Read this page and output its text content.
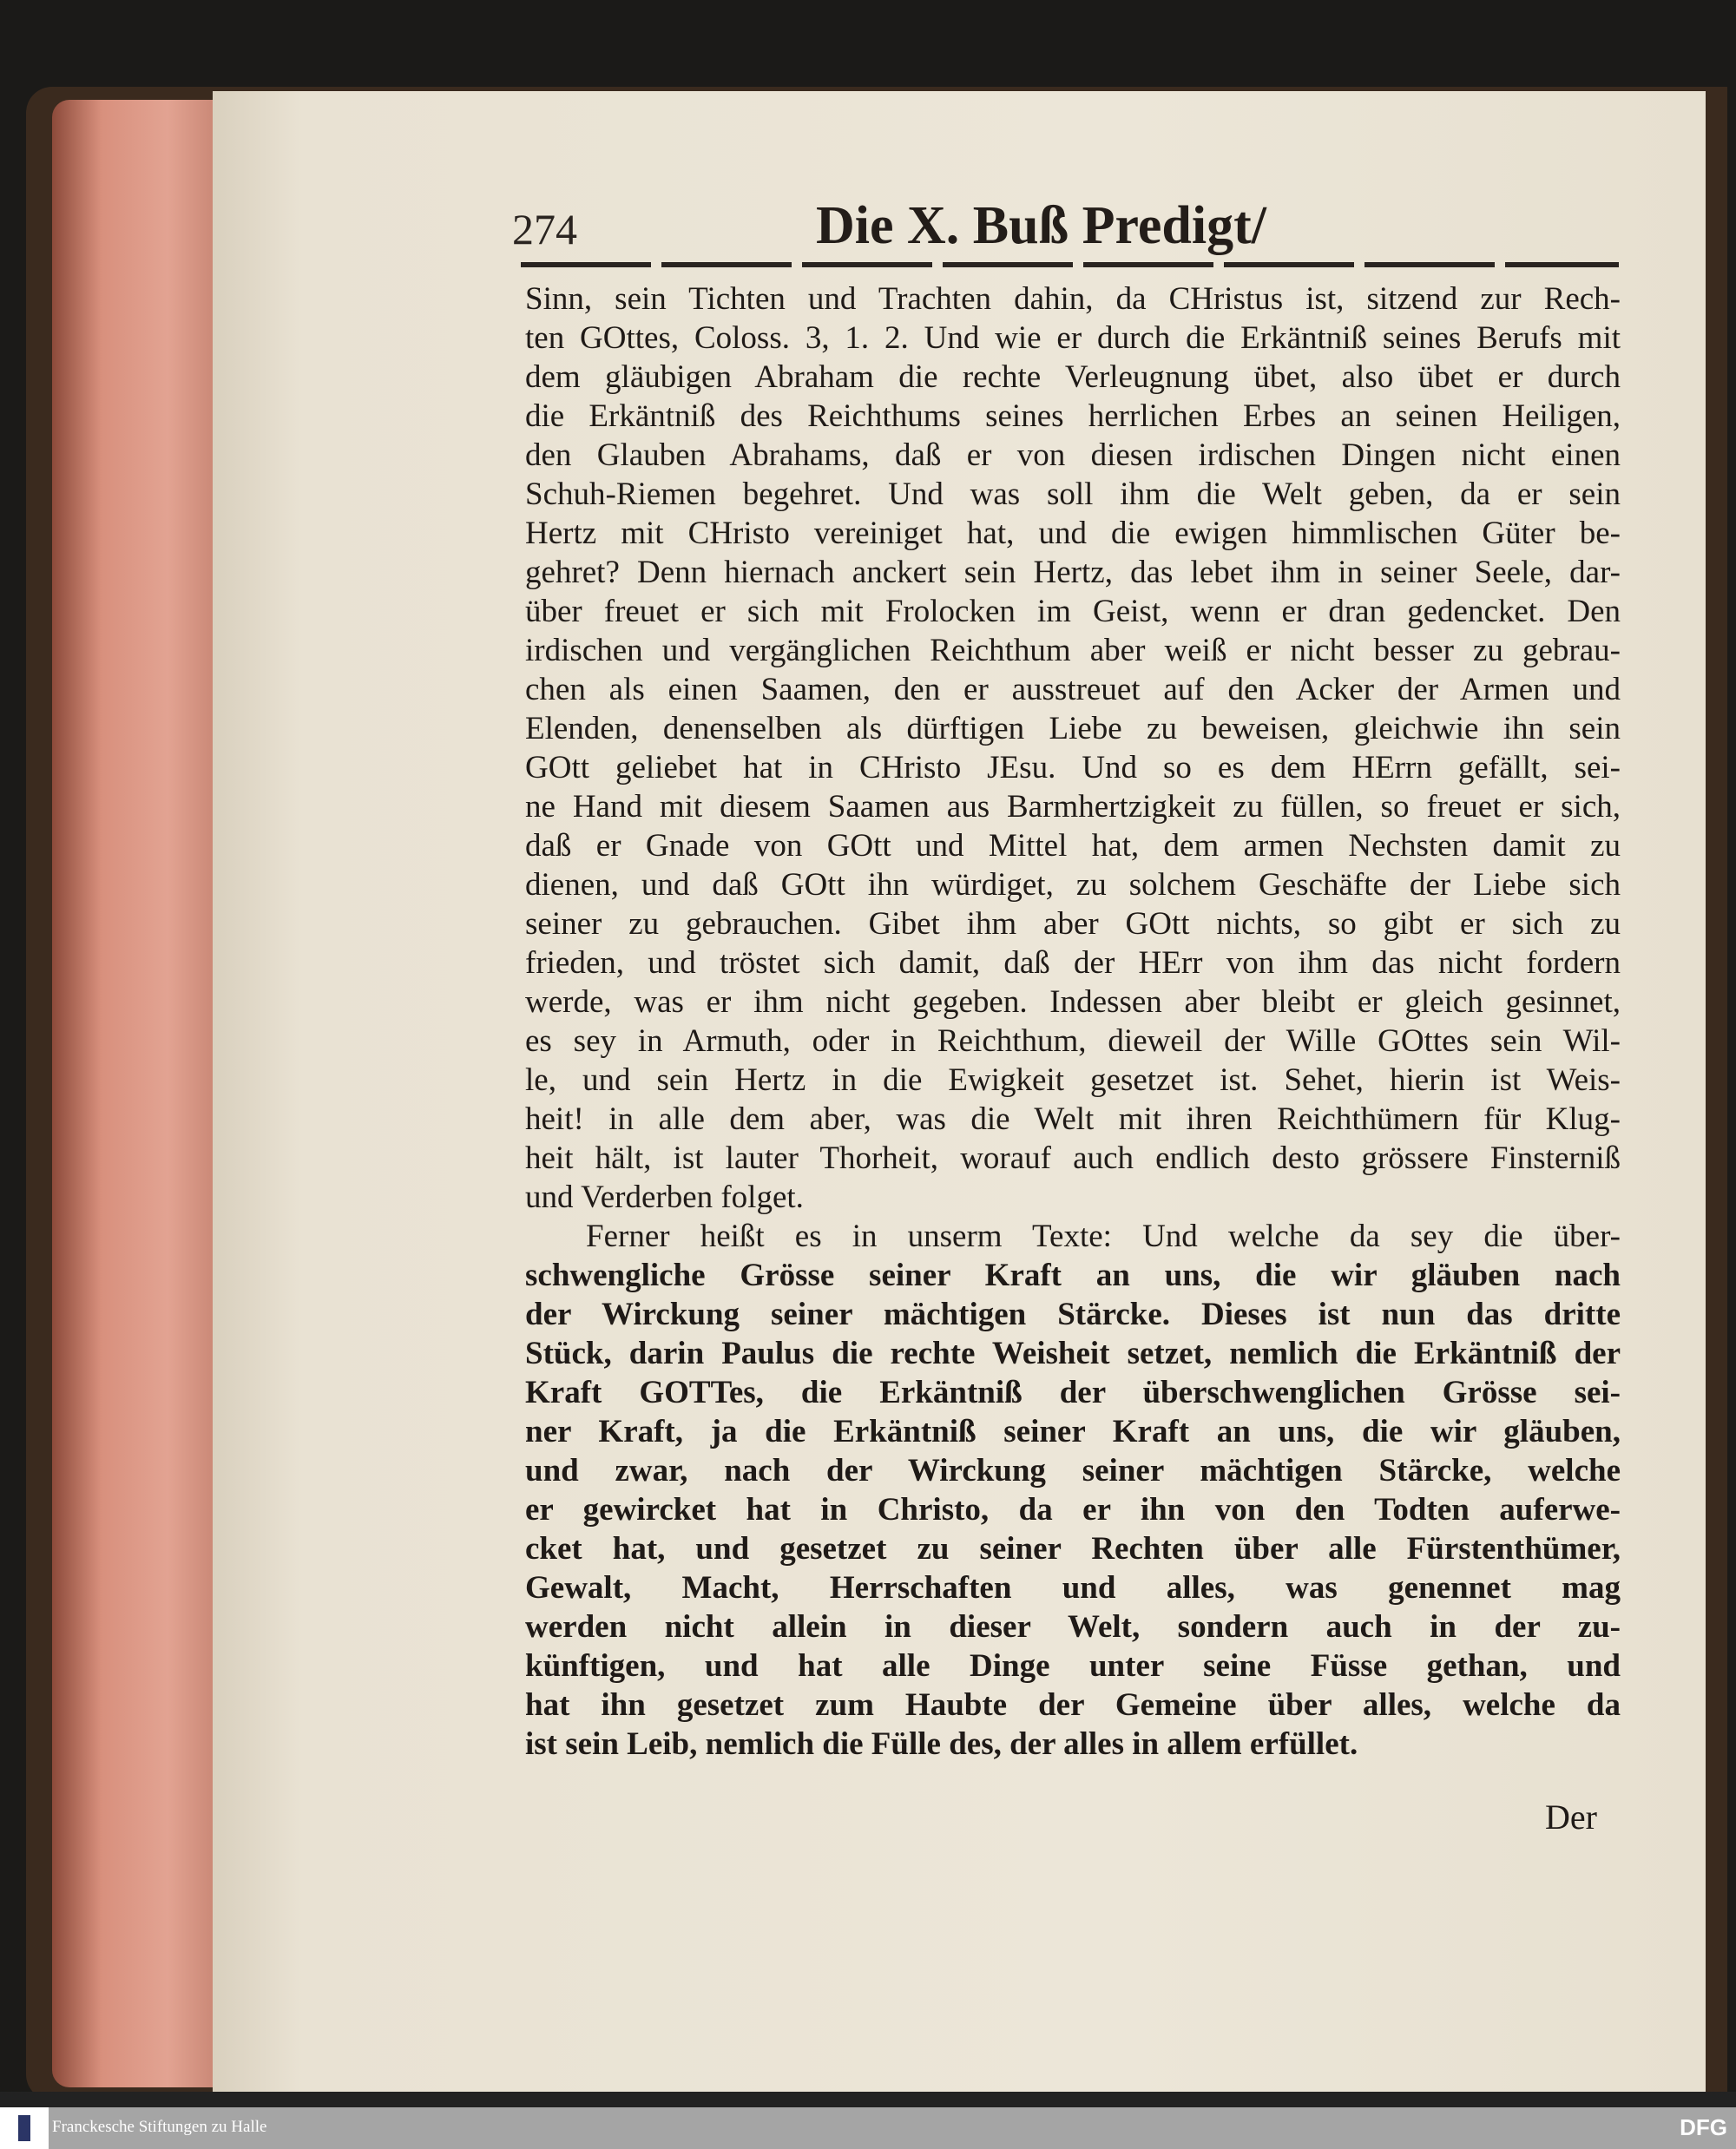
274	Die X. Buß Predigt/
Sinn, sein Tichten und Trachten dahin, da CHristus ist, sitzend zur Rech-
ten GOttes, Coloss. 3, 1. 2. Und wie er durch die Erkäntniß seines Berufs mit
dem gläubigen Abraham die rechte Verleugnung übet, also übet er durch
die Erkäntniß des Reichthums seines herrlichen Erbes an seinen Heiligen,
den Glauben Abrahams, daß er von diesen irdischen Dingen nicht einen
Schuh-Riemen begehret. Und was soll ihm die Welt geben, da er sein
Hertz mit CHristo vereiniget hat, und die ewigen himmlischen Güter be-
gehret? Denn hiernach anckert sein Hertz, das lebet ihm in seiner Seele, dar-
über freuet er sich mit Frolocken im Geist, wenn er dran gedencket. Den
irdischen und vergänglichen Reichthum aber weiß er nicht besser zu gebrau-
chen als einen Saamen, den er ausstreuet auf den Acker der Armen und
Elenden, denenselben als dürftigen Liebe zu beweisen, gleichwie ihn sein
GOtt geliebet hat in CHristo JEsu. Und so es dem HErrn gefällt, sei-
ne Hand mit diesem Saamen aus Barmhertzigkeit zu füllen, so freuet er sich,
daß er Gnade von GOtt und Mittel hat, dem armen Nechsten damit zu
dienen, und daß GOtt ihn würdiget, zu solchem Geschäfte der Liebe sich
seiner zu gebrauchen. Gibet ihm aber GOtt nichts, so gibt er sich zu
frieden, und tröstet sich damit, daß der HErr von ihm das nicht fordern
werde, was er ihm nicht gegeben. Indessen aber bleibt er gleich gesinnet,
es sey in Armuth, oder in Reichthum, dieweil der Wille GOttes sein Wil-
le, und sein Hertz in die Ewigkeit gesetzet ist. Sehet, hierin ist Weis-
heit! in alle dem aber, was die Welt mit ihren Reichthümern für Klug-
heit hält, ist lauter Thorheit, worauf auch endlich desto grössere Finsterniß
und Verderben folget.
Ferner heißt es in unserm Texte: Und welche da sey die über-
schwengliche Grösse seiner Kraft an uns, die wir gläuben nach
der Wirckung seiner mächtigen Stärcke. Dieses ist nun das dritte
Stück, darin Paulus die rechte Weisheit setzet, nemlich die Erkäntniß der
Kraft GOTTes, die Erkäntniß der überschwenglichen Grösse sei-
ner Kraft, ja die Erkäntniß seiner Kraft an uns, die wir gläuben,
und zwar, nach der Wirckung seiner mächtigen Stärcke, welche
er gewircket hat in Christo, da er ihn von den Todten auferwe-
cket hat, und gesetzet zu seiner Rechten über alle Fürstenthümer,
Gewalt, Macht, Herrschaften und alles, was genennet mag
werden nicht allein in dieser Welt, sondern auch in der zu-
künftigen, und hat alle Dinge unter seine Füsse gethan, und
hat ihn gesetzet zum Haubte der Gemeine über alles, welche da
ist sein Leib, nemlich die Fülle des, der alles in allem erfüllet.
Der
Franckesche Stiftungen zu Halle	DFG
